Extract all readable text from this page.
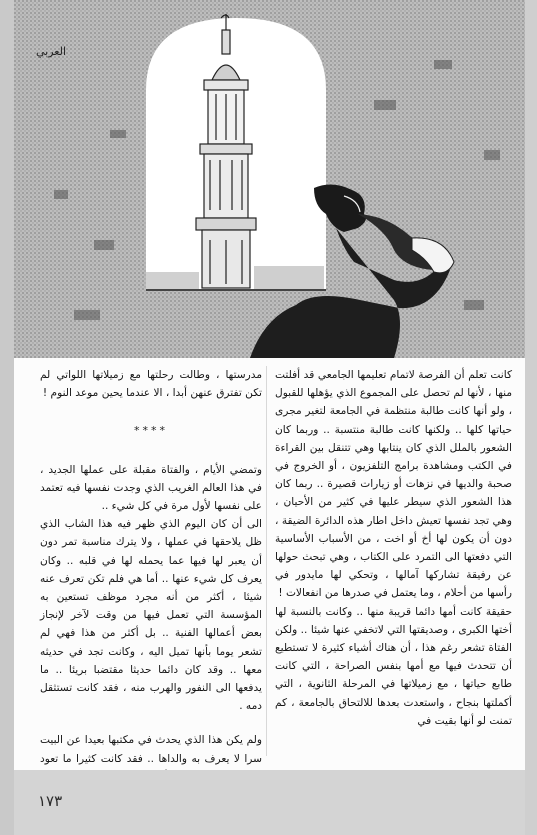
العربي

كانت تعلم أن الفرصة لاتمام تعليمها الجامعي قد أفلتت منها ، لأنها لم تحصل على المجموع الذي يؤهلها للقبول ، ولو أنها كانت طالبة منتظمة في الجامعة لتغير مجرى حياتها كلها .. ولكنها كانت طالبة منتسبة .. وربما كان الشعور بالملل الذي كان ينتابها وهي تتنقل بين القراءة في الكتب ومشاهدة برامج التلفزيون ، أو الخروج في صحبة والديها في نزهات أو زيارات قصيرة .. ربما كان هذا الشعور الذي سيطر عليها في كثير من الأحيان ، وهي تجد نفسها تعيش داخل اطار هذه الدائرة الضيقة ، دون أن يكون لها أخ أو اخت ، من الأسباب الأساسية التي دفعتها الى التمرد على الكتاب ، وهي تبحث حولها عن رفيقة تشاركها آمالها ، وتحكي لها مايدور في رأسها من أحلام ، وما يعتمل في صدرها من انفعالات !

حقيقة كانت أمها دائما قريبة منها .. وكانت بالنسبة لها أختها الكبرى ، وصديقتها التي لاتخفي عنها شيئا .. ولكن الفتاة تشعر رغم هذا ، أن هناك أشياء كثيرة لا تستطيع أن تتحدث فيها مع أمها بنفس الصراحة ، التي كانت طابع حياتها ، مع زميلاتها في المرحلة الثانوية ، التي أكملتها بنجاح ، واستعدت بعدها للالتحاق بالجامعة ، كم تمنت لو أنها بقيت في

مدرستها ، وطالت رحلتها مع زميلاتها اللواتي لم تكن تفترق عنهن أبدا ، الا عندما يحين موعد النوم !

****

وتمضي الأيام ، والفتاة مقبلة على عملها الجديد ، في هذا العالم الغريب الذي وجدت نفسها فيه تعتمد على نفسها لأول مرة في كل شيء ..

الى أن كان اليوم الذي ظهر فيه هذا الشاب الذي ظل يلاحقها في عملها ، ولا يترك مناسبة تمر دون أن يعبر لها فيها عما يحمله لها في قلبه .. وكان يعرف كل شيء عنها .. أما هي فلم تكن تعرف عنه شيئا ، أكثر من أنه مجرد موظف تستعين به المؤسسة التي تعمل فيها من وقت لآخر لإنجاز بعض أعمالها الفنية .. بل أكثر من هذا فهي لم تشعر يوما بأنها تميل اليه ، وكانت تجد في حديثه معها .. وقد كان دائما حديثا مقتضبا بريئا .. ما يدفعها الى النفور والهرب منه ، فقد كانت تستثقل دمه .

ولم يكن هذا الذي يحدث في مكتبها بعيدا عن البيت سرا لا يعرف به والداها .. فقد كانت كثيرا ما تعود

١٧٣
